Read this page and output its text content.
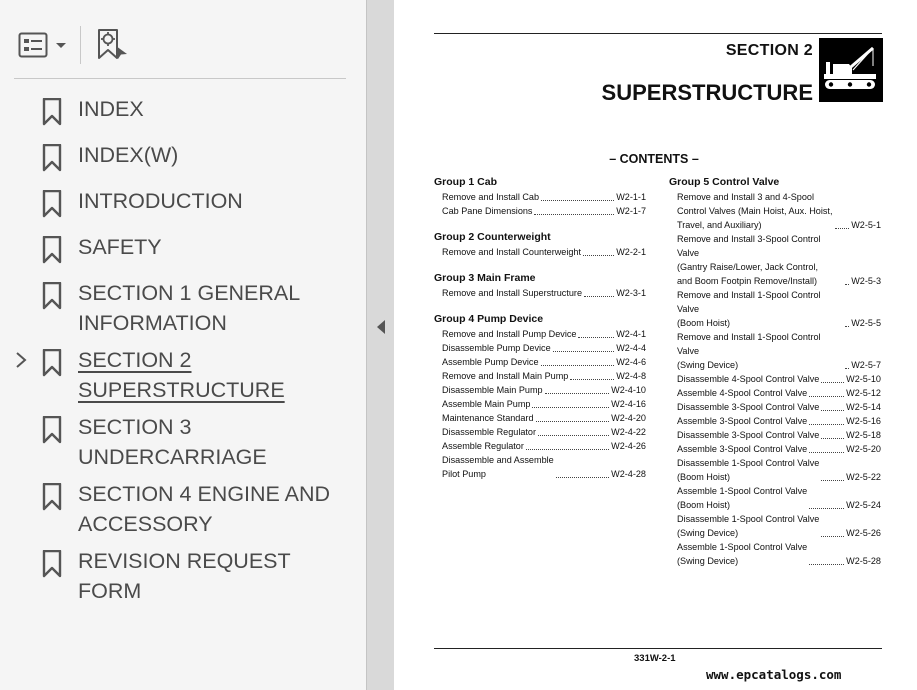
INDEX
INDEX(W)
INTRODUCTION
SAFETY
SECTION 1 GENERAL
INFORMATION
SECTION 2
SUPERSTRUCTURE
SECTION 3
UNDERCARRIAGE
SECTION 4 ENGINE AND
ACCESSORY
REVISION REQUEST FORM
SECTION 2
SUPERSTRUCTURE
– CONTENTS –
Group 1 Cab
Remove and Install Cab	W2-1-1
Cab Pane Dimensions	W2-1-7
Group 2 Counterweight
Remove and Install Counterweight	W2-2-1
Group 3 Main Frame
Remove and Install Superstructure	W2-3-1
Group 4 Pump Device
Remove and Install Pump Device	W2-4-1
Disassemble Pump Device	W2-4-4
Assemble Pump Device	W2-4-6
Remove and Install Main Pump	W2-4-8
Disassemble Main Pump	W2-4-10
Assemble Main Pump	W2-4-16
Maintenance Standard	W2-4-20
Disassemble Regulator	W2-4-22
Assemble Regulator	W2-4-26
Disassemble and Assemble
Pilot Pump	W2-4-28
Group 5 Control Valve
Remove and Install 3 and 4-Spool
Control Valves (Main Hoist, Aux. Hoist,
Travel, and Auxiliary)	W2-5-1
Remove and Install 3-Spool Control Valve
(Gantry Raise/Lower, Jack Control,
and Boom Footpin Remove/Install)	W2-5-3
Remove and Install 1-Spool Control Valve
(Boom Hoist)	W2-5-5
Remove and Install 1-Spool Control Valve
(Swing Device)	W2-5-7
Disassemble 4-Spool Control Valve	W2-5-10
Assemble 4-Spool Control Valve	W2-5-12
Disassemble 3-Spool Control Valve	W2-5-14
Assemble 3-Spool Control Valve	W2-5-16
Disassemble 3-Spool Control Valve	W2-5-18
Assemble 3-Spool Control Valve	W2-5-20
Disassemble 1-Spool Control Valve
(Boom Hoist)	W2-5-22
Assemble 1-Spool Control Valve
(Boom Hoist)	W2-5-24
Disassemble 1-Spool Control Valve
(Swing Device)	W2-5-26
Assemble 1-Spool Control Valve
(Swing Device)	W2-5-28
331W-2-1
www.epcatalogs.com
